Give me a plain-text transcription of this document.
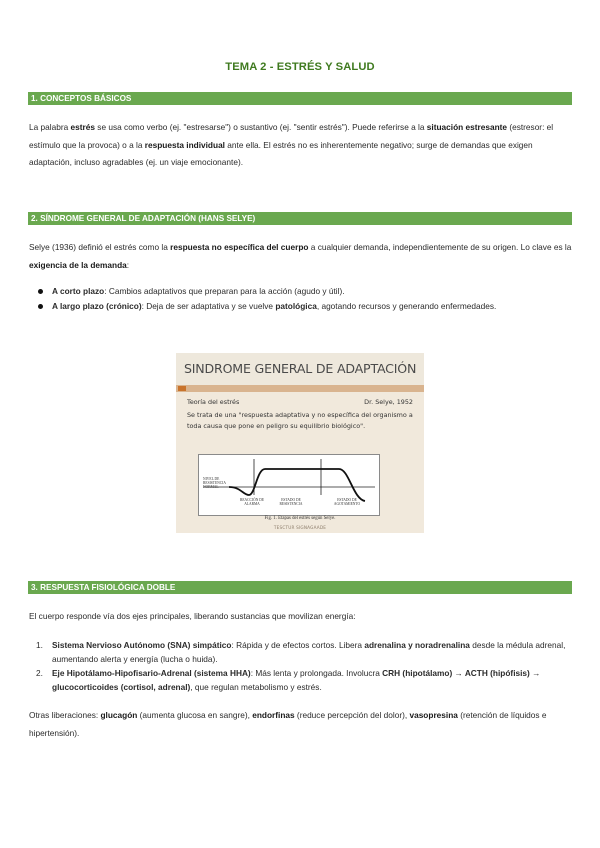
TEMA 2 - ESTRÉS Y SALUD
1. CONCEPTOS BÁSICOS
La palabra estrés se usa como verbo (ej. "estresarse") o sustantivo (ej. "sentir estrés"). Puede referirse a la situación estresante (estresor: el estímulo que la provoca) o a la respuesta individual ante ella. El estrés no es inherentemente negativo; surge de demandas que exigen adaptación, incluso agradables (ej. un viaje emocionante).
2. SÍNDROME GENERAL DE ADAPTACIÓN (HANS SELYE)
Selye (1936) definió el estrés como la respuesta no específica del cuerpo a cualquier demanda, independientemente de su origen. Lo clave es la exigencia de la demanda:
A corto plazo: Cambios adaptativos que preparan para la acción (agudo y útil).
A largo plazo (crónico): Deja de ser adaptativa y se vuelve patológica, agotando recursos y generando enfermedades.
SINDROME GENERAL DE ADAPTACIÓN
Teoría del estrés	Dr. Selye, 1952
Se trata de una "respuesta adaptativa y no específica del organismo a toda causa que pone en peligro su equilibrio biológico".
NIVEL DE RESISTENCIA NORMAL
REACCIÓN DE ALARMA
ESTADO DE RESISTENCIA
ESTADO DE AGOTAMIENTO
Fig. 1. Etapas del estrés según Selye.
TESCTUR SIGNAGAADE
3. RESPUESTA FISIOLÓGICA DOBLE
El cuerpo responde vía dos ejes principales, liberando sustancias que movilizan energía:
1. Sistema Nervioso Autónomo (SNA) simpático: Rápida y de efectos cortos. Libera adrenalina y noradrenalina desde la médula adrenal, aumentando alerta y energía (lucha o huida).
2. Eje Hipotálamo-Hipofisario-Adrenal (sistema HHA): Más lenta y prolongada. Involucra CRH (hipotálamo) → ACTH (hipófisis) → glucocorticoides (cortisol, adrenal), que regulan metabolismo y estrés.
Otras liberaciones: glucagón (aumenta glucosa en sangre), endorfinas (reduce percepción del dolor), vasopresina (retención de líquidos e hipertensión).
